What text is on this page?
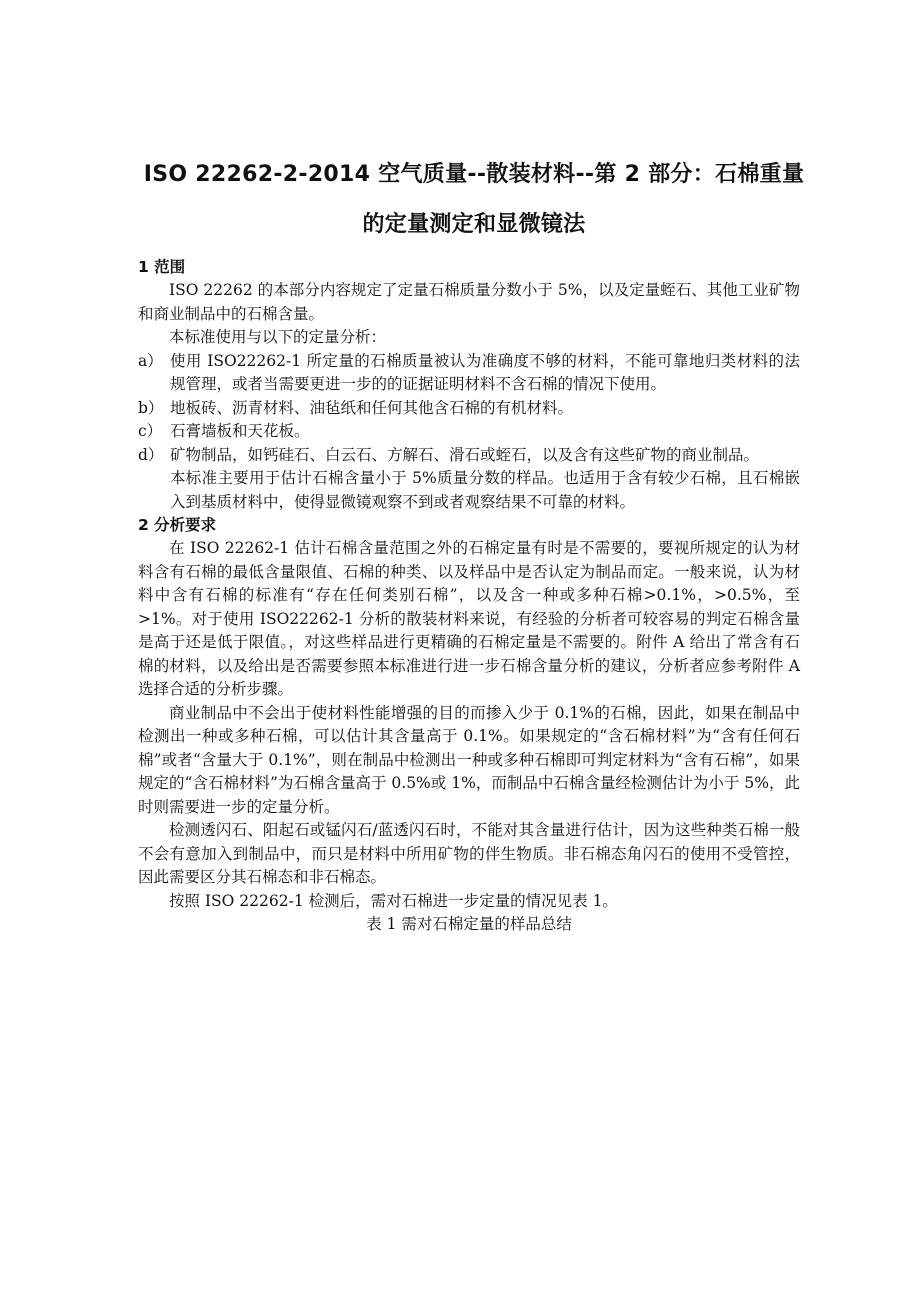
ISO 22262-2-2014 空气质量--散装材料--第 2 部分：石棉重量
的定量测定和显微镜法
1 范围

ISO 22262 的本部分内容规定了定量石棉质量分数小于 5%，以及定量蛭石、其他工业矿物和商业制品中的石棉含量。

本标准使用与以下的定量分析：

a） 使用 ISO22262-1 所定量的石棉质量被认为准确度不够的材料，不能可靠地归类材料的法规管理，或者当需要更进一步的的证据证明材料不含石棉的情况下使用。
b） 地板砖、沥青材料、油毡纸和任何其他含石棉的有机材料。
c） 石膏墙板和天花板。
d） 矿物制品，如钙硅石、白云石、方解石、滑石或蛭石，以及含有这些矿物的商业制品。

本标准主要用于估计石棉含量小于 5%质量分数的样品。也适用于含有较少石棉，且石棉嵌入到基质材料中，使得显微镜观察不到或者观察结果不可靠的材料。

2 分析要求

在 ISO 22262-1 估计石棉含量范围之外的石棉定量有时是不需要的，要视所规定的认为材料含有石棉的最低含量限值、石棉的种类、以及样品中是否认定为制品而定。一般来说，认为材料中含有石棉的标准有“存在任何类别石棉”，以及含一种或多种石棉>0.1%，>0.5%，至>1%。对于使用 ISO22262-1 分析的散装材料来说，有经验的分析者可较容易的判定石棉含量是高于还是低于限值。，对这些样品进行更精确的石棉定量是不需要的。附件 A 给出了常含有石棉的材料，以及给出是否需要参照本标准进行进一步石棉含量分析的建议，分析者应参考附件 A 选择合适的分析步骤。

商业制品中不会出于使材料性能增强的目的而掺入少于 0.1%的石棉，因此，如果在制品中检测出一种或多种石棉，可以估计其含量高于 0.1%。如果规定的“含石棉材料”为“含有任何石棉”或者“含量大于 0.1%”，则在制品中检测出一种或多种石棉即可判定材料为“含有石棉”，如果规定的“含石棉材料”为石棉含量高于 0.5%或 1%，而制品中石棉含量经检测估计为小于 5%，此时则需要进一步的定量分析。

检测透闪石、阳起石或锰闪石/蓝透闪石时，不能对其含量进行估计，因为这些种类石棉一般不会有意加入到制品中，而只是材料中所用矿物的伴生物质。非石棉态角闪石的使用不受管控，因此需要区分其石棉态和非石棉态。

按照 ISO 22262-1 检测后，需对石棉进一步定量的情况见表 1。

表 1 需对石棉定量的样品总结
